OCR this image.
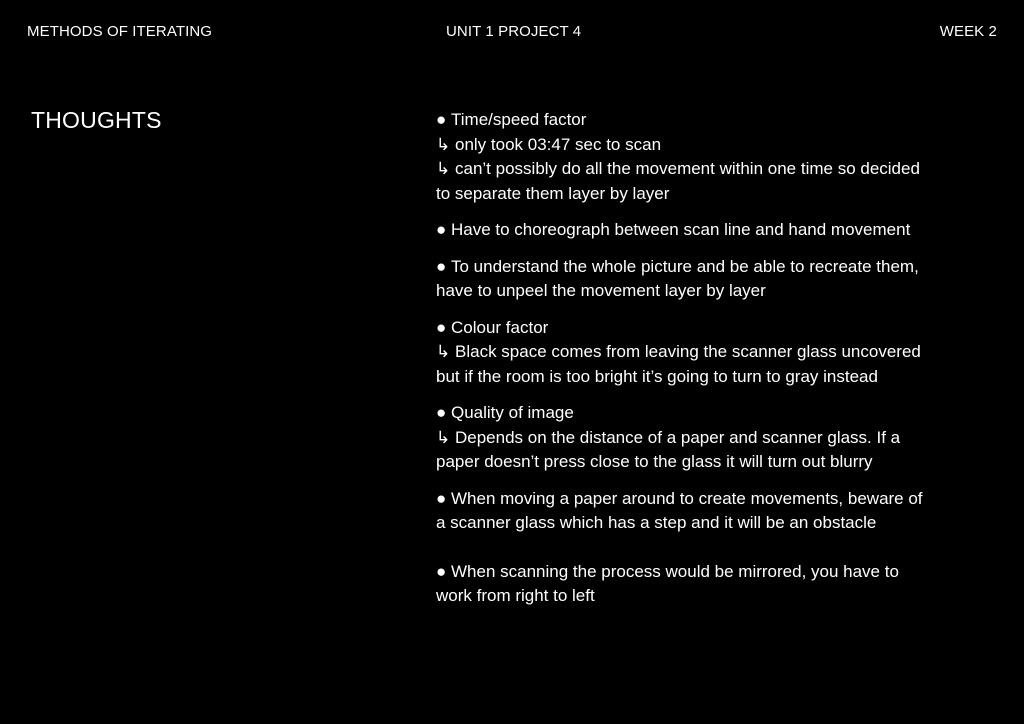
METHODS OF ITERATING	UNIT 1 PROJECT 4	WEEK 2
THOUGHTS	● Time/speed factor
↳ only took 03:47 sec to scan
↳ can’t possibly do all the movement within one time so decided
to separate them layer by layer
● Have to choreograph between scan line and hand movement
● To understand the whole picture and be able to recreate them,
have to unpeel the movement layer by layer
● Colour factor
↳ Black space comes from leaving the scanner glass uncovered
but if the room is too bright it’s going to turn to gray instead
● Quality of image
↳ Depends on the distance of a paper and scanner glass. If a
paper doesn’t press close to the glass it will turn out blurry
● When moving a paper around to create movements, beware of
a scanner glass which has a step and it will be an obstacle
● When scanning the process would be mirrored, you have to
work from right to left
